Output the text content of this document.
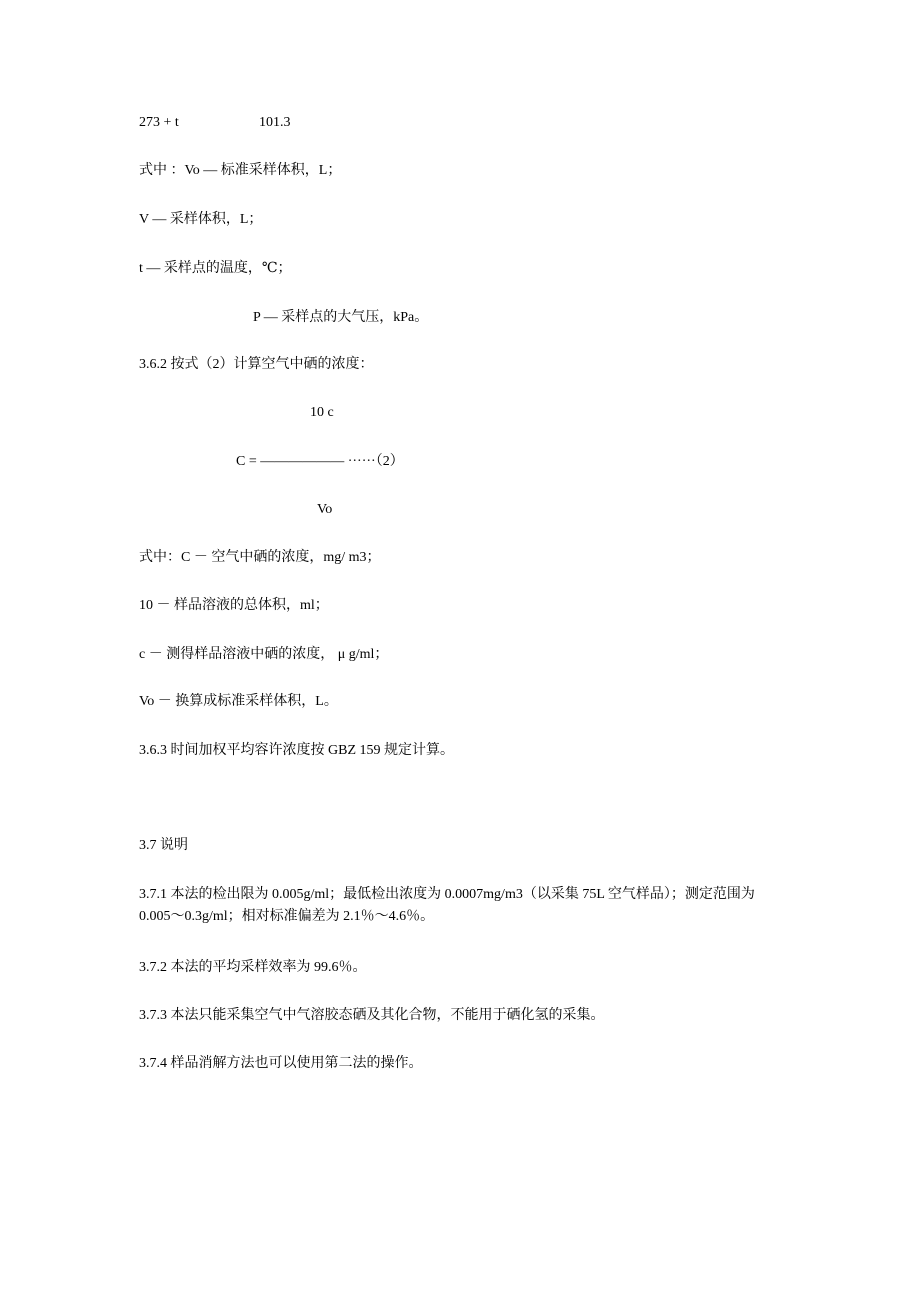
273 + t	101.3
式中 ：Vo — 标准采样体积，L；
V — 采样体积，L；
t — 采样点的温度，℃；
P — 采样点的大气压，kPa。
3.6.2 按式（2）计算空气中硒的浓度：
10 c
C = —————— ······（2）
Vo
式中：C － 空气中硒的浓度，mg/ m3；
10 － 样品溶液的总体积，ml；
c － 测得样品溶液中硒的浓度， μ g/ml；
Vo － 换算成标准采样体积，L。
3.6.3 时间加权平均容许浓度按 GBZ 159 规定计算。
3.7 说明
3.7.1 本法的检出限为 0.005g/ml；最低检出浓度为 0.0007mg/m3（以采集 75L 空气样品）；测定范围为 0.005～0.3g/ml；相对标准偏差为 2.1％～4.6％。
3.7.2 本法的平均采样效率为 99.6％。
3.7.3 本法只能采集空气中气溶胶态硒及其化合物，不能用于硒化氢的采集。
3.7.4 样品消解方法也可以使用第二法的操作。
